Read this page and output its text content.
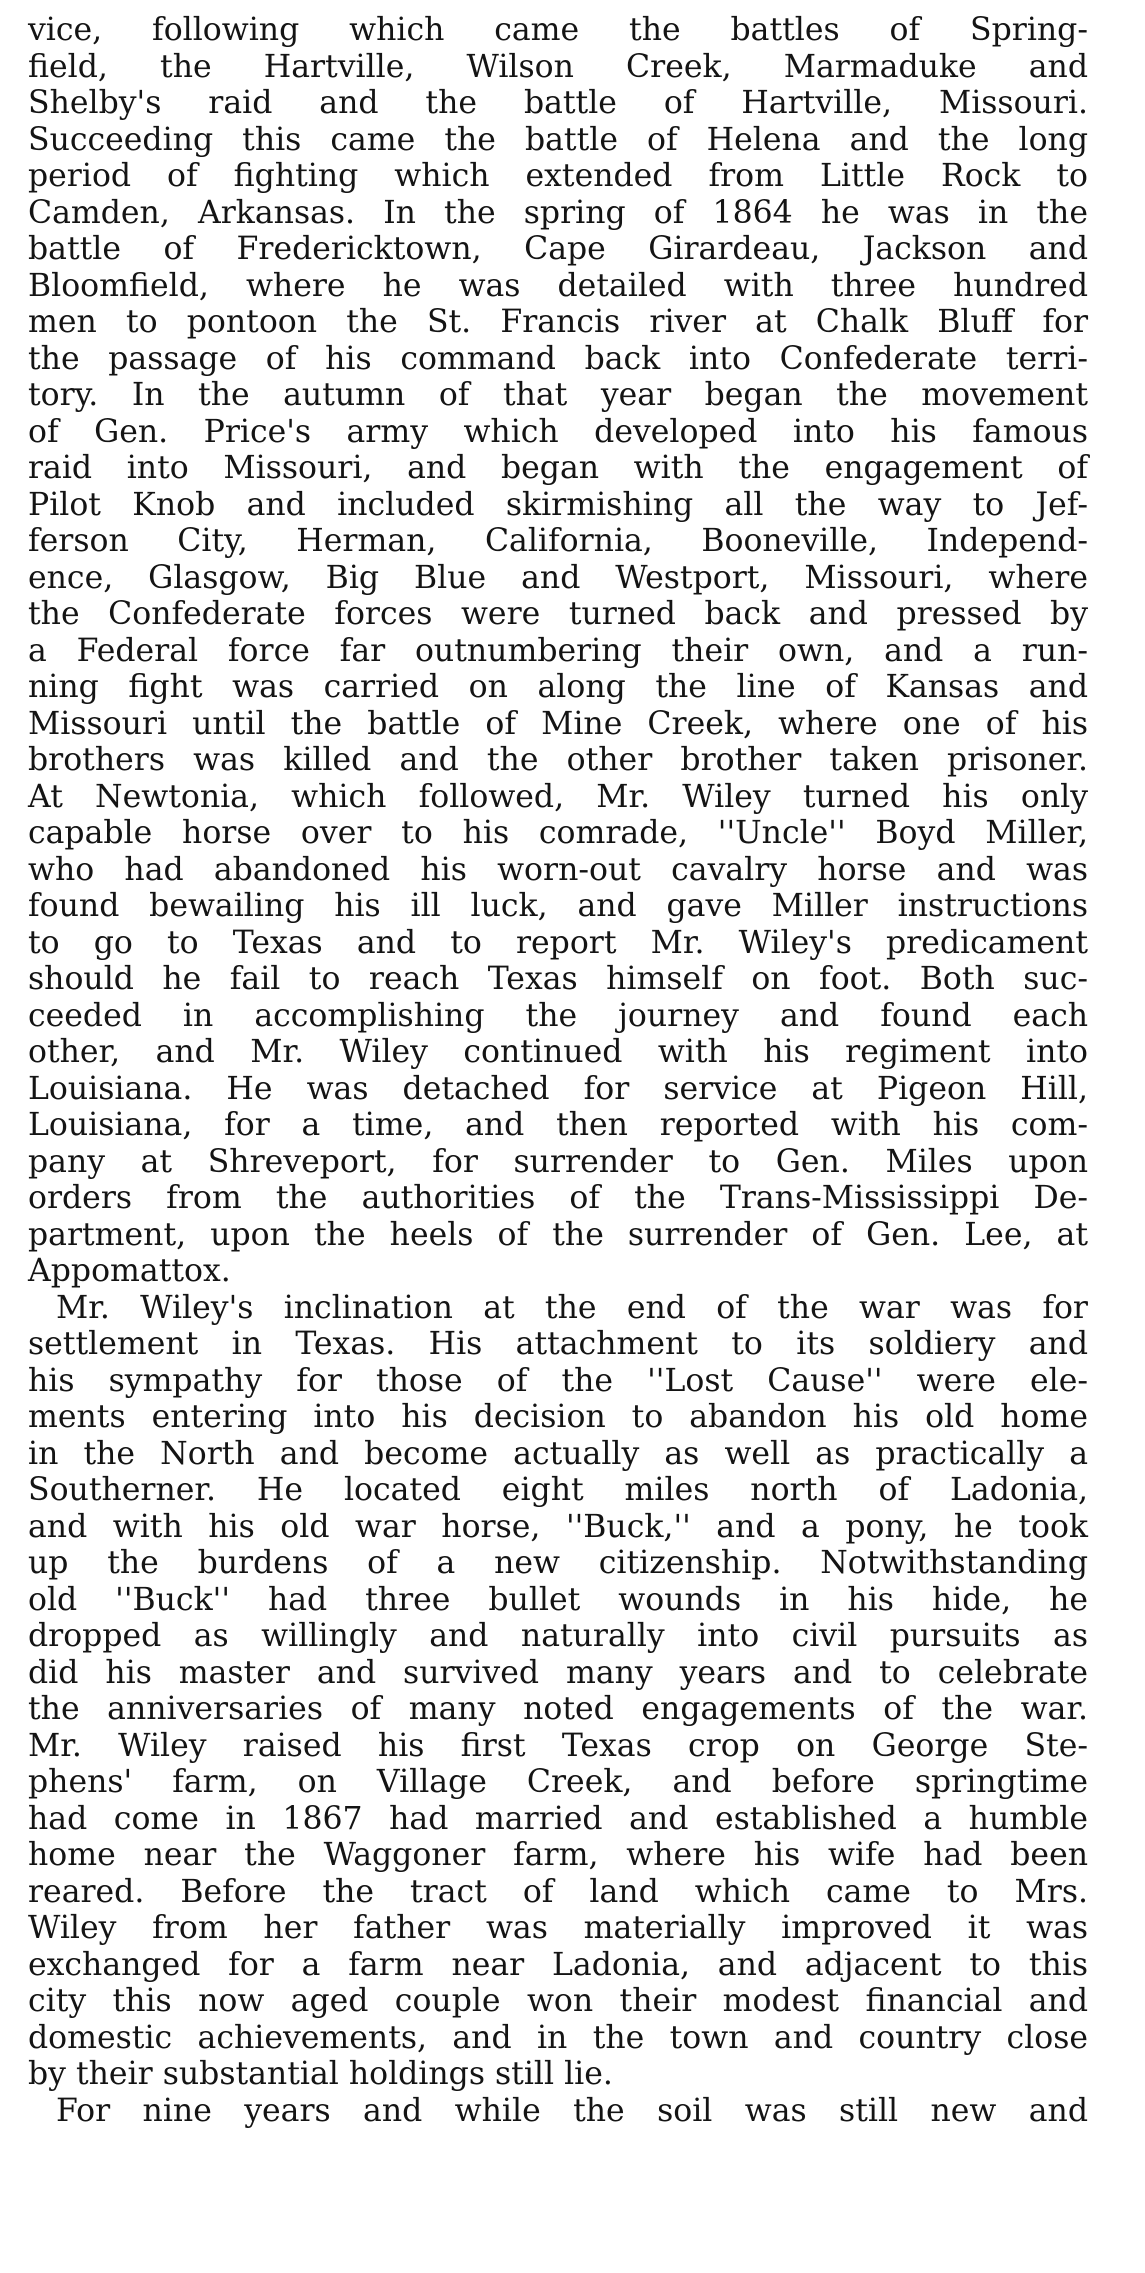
vice, following which came the battles of Spring-
field, the Hartville, Wilson Creek, Marmaduke and
Shelby's raid and the battle of Hartville, Missouri.
Succeeding this came the battle of Helena and the long
period of fighting which extended from Little Rock to
Camden, Arkansas. In the spring of 1864 he was in the
battle of Fredericktown, Cape Girardeau, Jackson and
Bloomfield, where he was detailed with three hundred
men to pontoon the St. Francis river at Chalk Bluff for
the passage of his command back into Confederate terri-
tory. In the autumn of that year began the movement
of Gen. Price's army which developed into his famous
raid into Missouri, and began with the engagement of
Pilot Knob and included skirmishing all the way to Jef-
ferson City, Herman, California, Booneville, Independ-
ence, Glasgow, Big Blue and Westport, Missouri, where
the Confederate forces were turned back and pressed by
a Federal force far outnumbering their own, and a run-
ning fight was carried on along the line of Kansas and
Missouri until the battle of Mine Creek, where one of his
brothers was killed and the other brother taken prisoner.
At Newtonia, which followed, Mr. Wiley turned his only
capable horse over to his comrade, ''Uncle'' Boyd Miller,
who had abandoned his worn-out cavalry horse and was
found bewailing his ill luck, and gave Miller instructions
to go to Texas and to report Mr. Wiley's predicament
should he fail to reach Texas himself on foot. Both suc-
ceeded in accomplishing the journey and found each
other, and Mr. Wiley continued with his regiment into
Louisiana. He was detached for service at Pigeon Hill,
Louisiana, for a time, and then reported with his com-
pany at Shreveport, for surrender to Gen. Miles upon
orders from the authorities of the Trans-Mississippi De-
partment, upon the heels of the surrender of Gen. Lee, at
Appomattox.
Mr. Wiley's inclination at the end of the war was for
settlement in Texas. His attachment to its soldiery and
his sympathy for those of the ''Lost Cause'' were ele-
ments entering into his decision to abandon his old home
in the North and become actually as well as practically a
Southerner. He located eight miles north of Ladonia,
and with his old war horse, ''Buck,'' and a pony, he took
up the burdens of a new citizenship. Notwithstanding
old ''Buck'' had three bullet wounds in his hide, he
dropped as willingly and naturally into civil pursuits as
did his master and survived many years and to celebrate
the anniversaries of many noted engagements of the war.
Mr. Wiley raised his first Texas crop on George Ste-
phens' farm, on Village Creek, and before springtime
had come in 1867 had married and established a humble
home near the Waggoner farm, where his wife had been
reared. Before the tract of land which came to Mrs.
Wiley from her father was materially improved it was
exchanged for a farm near Ladonia, and adjacent to this
city this now aged couple won their modest financial and
domestic achievements, and in the town and country close
by their substantial holdings still lie.
For nine years and while the soil was still new and
